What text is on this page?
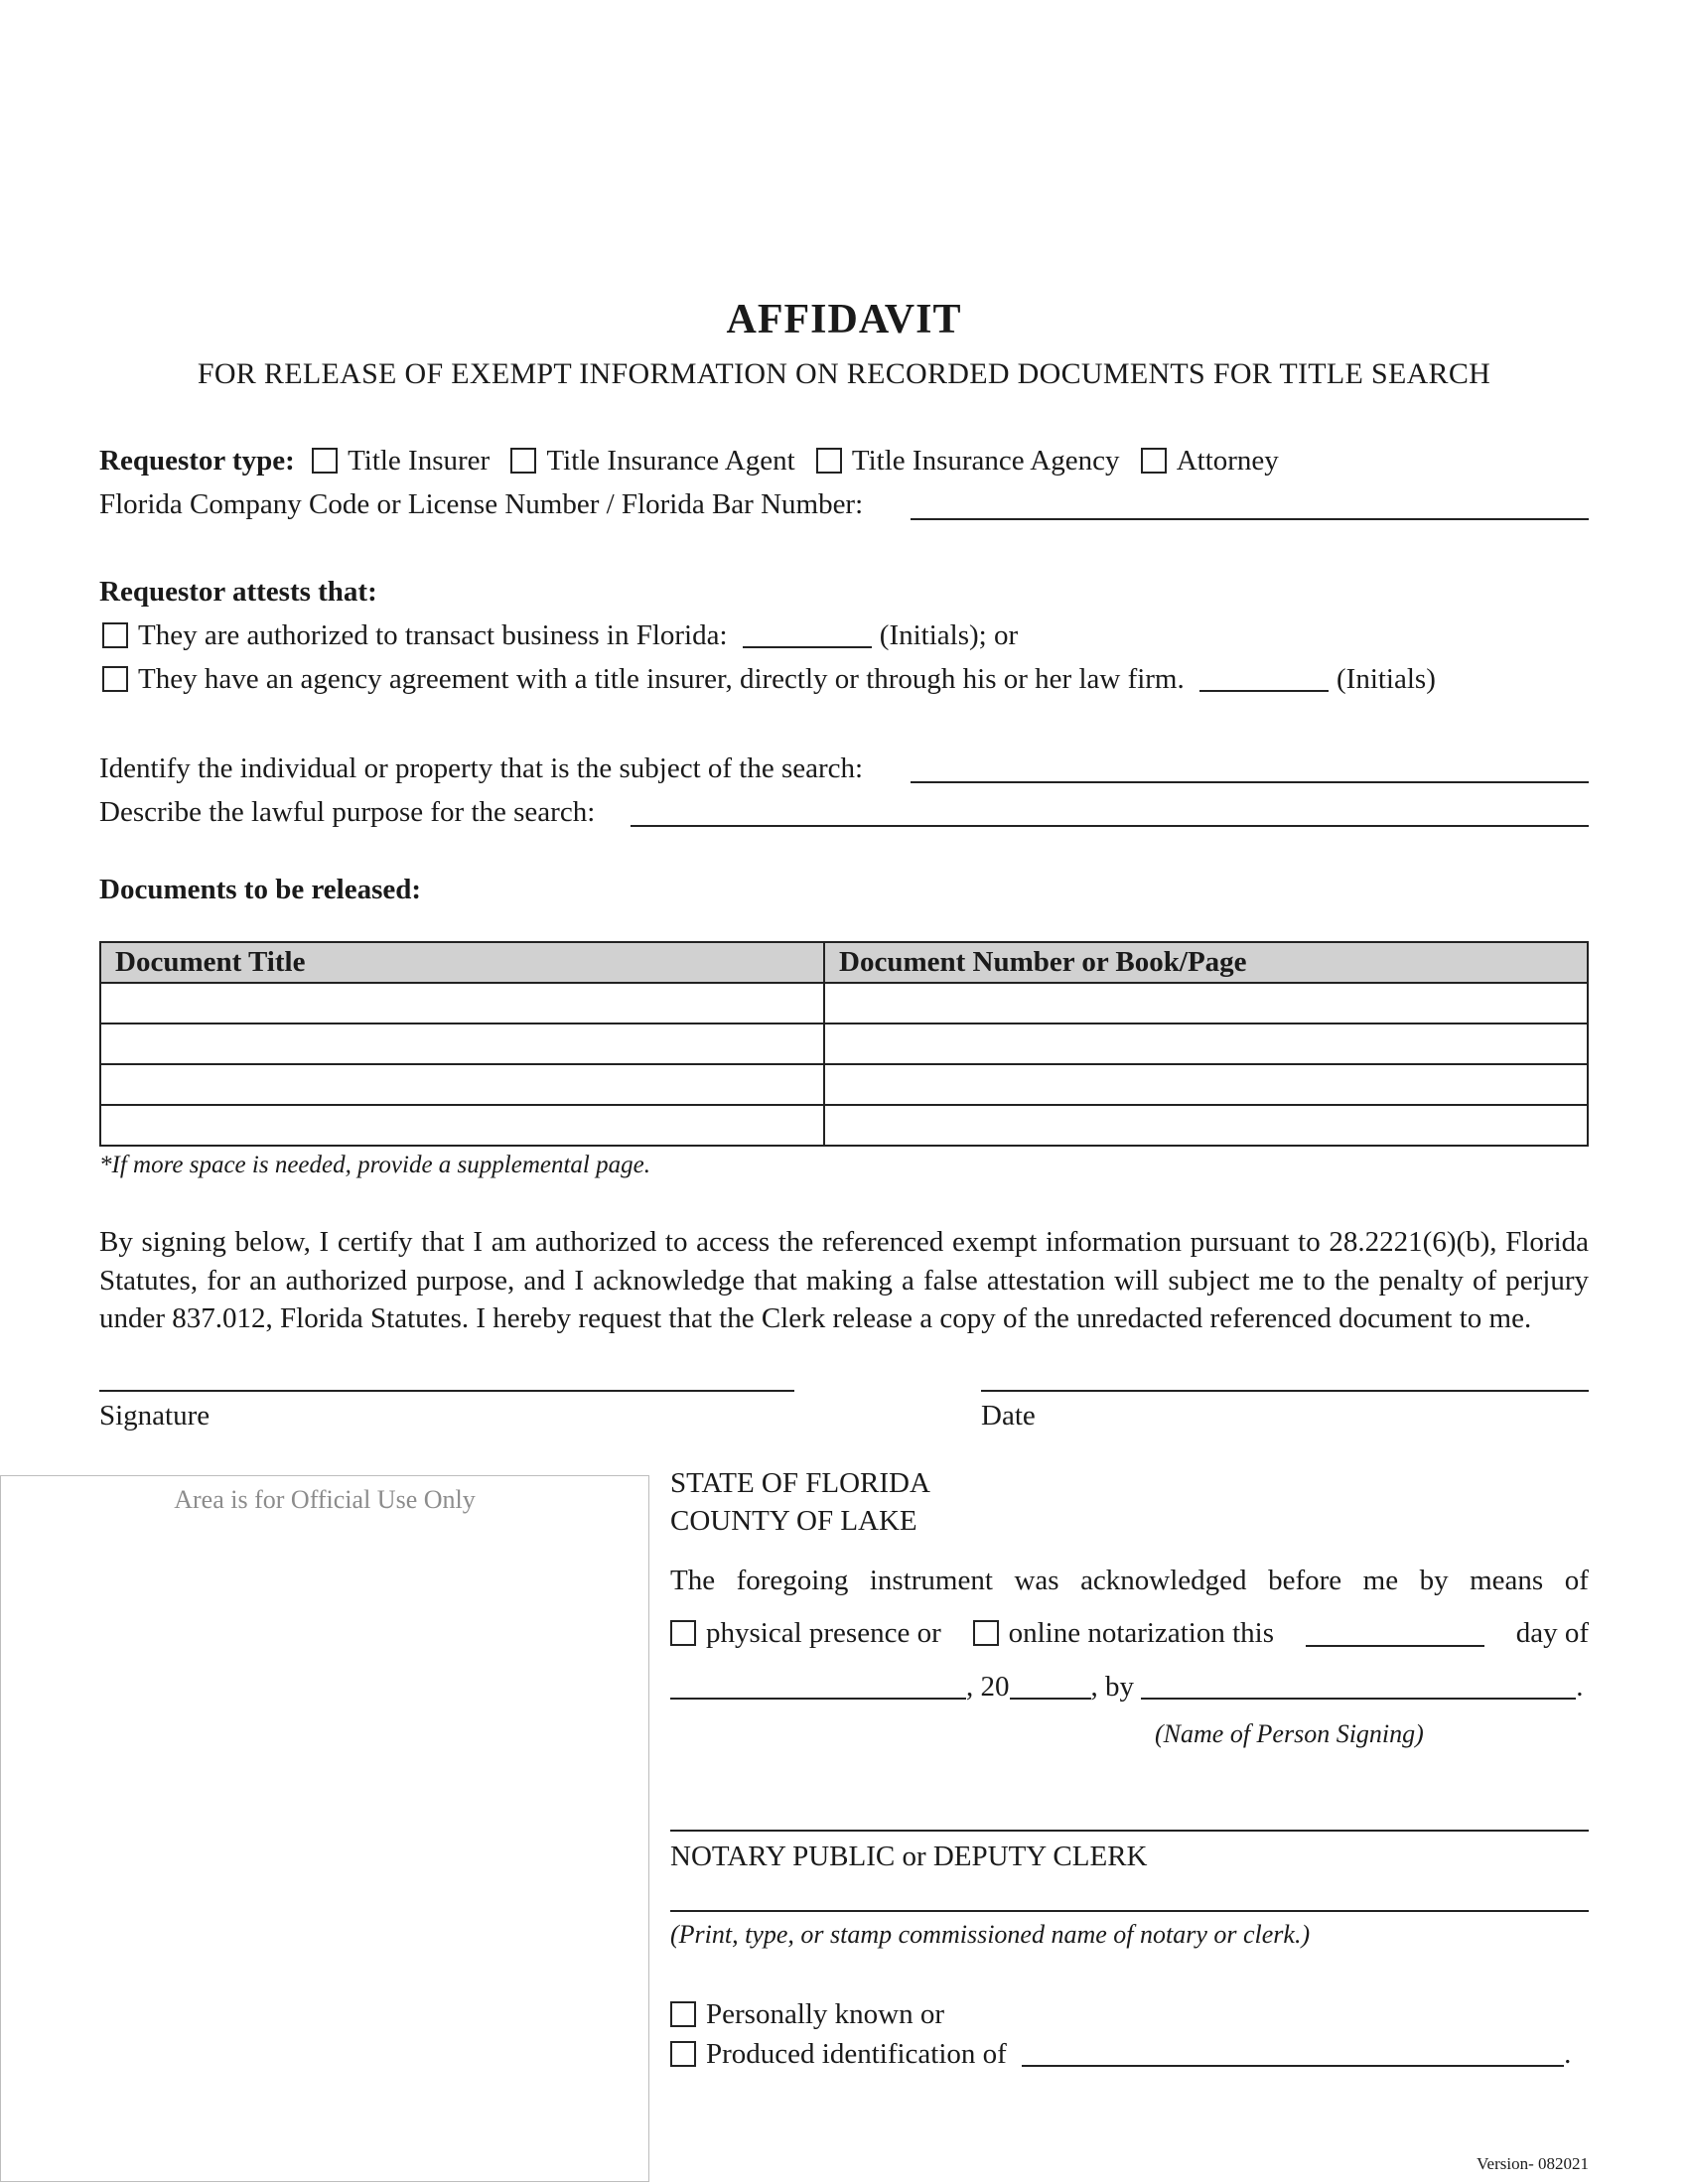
AFFIDAVIT
FOR RELEASE OF EXEMPT INFORMATION ON RECORDED DOCUMENTS FOR TITLE SEARCH
Requestor type: Title Insurer Title Insurance Agent Title Insurance Agency Attorney
Florida Company Code or License Number / Florida Bar Number:
Requestor attests that:
They are authorized to transact business in Florida:	(Initials); or
They have an agency agreement with a title insurer, directly or through his or her law firm.	(Initials)
Identify the individual or property that is the subject of the search:
Describe the lawful purpose for the search:
Documents to be released:
Document Title	Document Number or Book/Page

*If more space is needed, provide a supplemental page.
By signing below, I certify that I am authorized to access the referenced exempt information pursuant to 28.2221(6)(b), Florida Statutes, for an authorized purpose, and I acknowledge that making a false attestation will subject me to the penalty of perjury under 837.012, Florida Statutes. I hereby request that the Clerk release a copy of the unredacted referenced document to me.
Signature	Date
Area is for Official Use Only
STATE OF FLORIDA
COUNTY OF LAKE
The foregoing instrument was acknowledged before me by means of
physical presence or	online notarization this	day of
, 20	, by	.
(Name of Person Signing)
NOTARY PUBLIC or DEPUTY CLERK
(Print, type, or stamp commissioned name of notary or clerk.)
Personally known or
Produced identification of	.
Version- 082021
